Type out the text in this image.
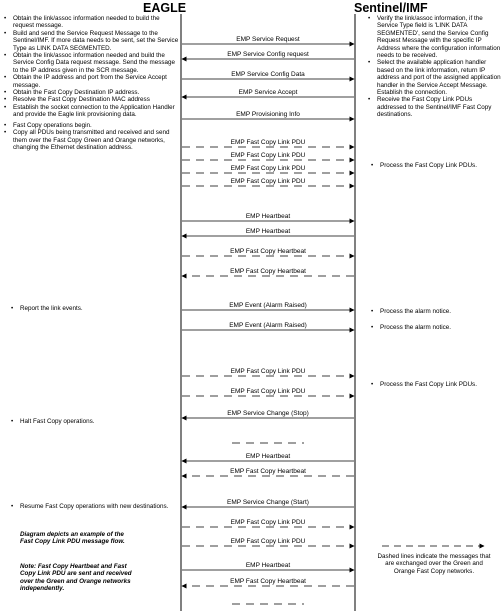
EAGLE	Sentinel/IMF
• Obtain the link/assoc information needed to build the request message.
• Build and send the Service Request Message to the Sentinel/IMF. If more data needs to be sent, set the Service Type as LINK DATA SEGMENTED.
• Obtain the link/assoc information needed and build the Service Config Data request message. Send the message to the IP address given in the SCR message.
• Obtain the IP address and port from the Service Accept message.
• Obtain the Fast Copy Destination IP address.
• Resolve the Fast Copy Destination MAC address
• Establish the socket connection to the Application Handler and provide the Eagle link provisioning data.
• Fast Copy operations begin.
• Copy all PDUs being transmitted and received and send them over the Fast Copy Green and Orange networks, changing the Ethernet destination address.
• Verify the link/assoc information, if the Service Type field is 'LINK DATA SEGMENTED', send the Service Config Request Message with the specific IP Address where the configuration information needs to be received.
• Select the available application handler based on the link information, return IP address and port of the assigned application handler in the Service Accept Message. Establish the connection.
• Receive the Fast Copy Link PDUs addressed to the Sentinel/IMF Fast Copy destinations.
• Report the link events.
• Halt Fast Copy operations.
• Resume Fast Copy operations with new destinations.
• Process the Fast Copy Link PDUs.
• Process the alarm notice.
• Process the alarm notice.
• Process the Fast Copy Link PDUs.

Diagram depicts an example of the Fast Copy Link PDU message flow.

Note: Fast Copy Heartbeat and Fast Copy Link PDU are sent and received over the Green and Orange networks independently.

EMP Service Request
EMP Service Config request
EMP Service Config Data
EMP Service Accept
EMP Provisioning Info
EMP Fast Copy Link PDU
EMP Fast Copy Link PDU
EMP Fast Copy Link PDU
EMP Fast Copy Link PDU
EMP Heartbeat
EMP Heartbeat
EMP Fast Copy Heartbeat
EMP Fast Copy Heartbeat
EMP Event (Alarm Raised)
EMP Event (Alarm Raised)
EMP Fast Copy Link PDU
EMP Fast Copy Link PDU
EMP Service Change (Stop)
EMP Heartbeat
EMP Fast Copy Heartbeat
EMP Service Change (Start)
EMP Fast Copy Link PDU
EMP Fast Copy Link PDU
EMP Heartbeat
EMP Fast Copy Heartbeat
Dashed lines indicate the messages that are exchanged over the Green and Orange Fast Copy networks.
